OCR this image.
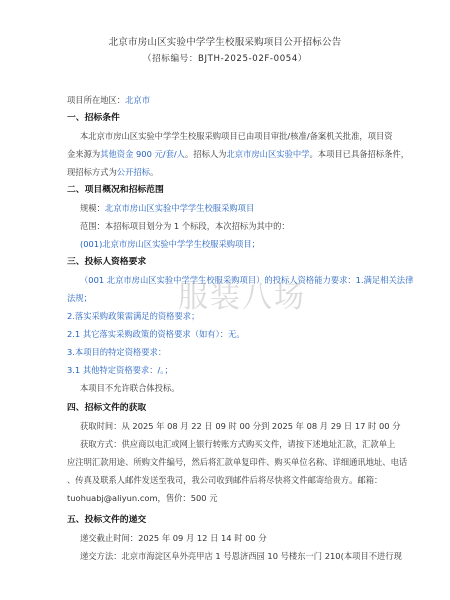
北京市房山区实验中学学生校服采购项目公开招标公告
（招标编号：BJTH-2025-02F-0054）
项目所在地区：北京市
一、招标条件
本北京市房山区实验中学学生校服采购项目已由项目审批/核准/备案机关批准，项目资
金来源为其他资金 900 元/套/人。招标人为北京市房山区实验中学。本项目已具备招标条件，
现招标方式为公开招标。
二、项目概况和招标范围
规模：北京市房山区实验中学学生校服采购项目
范围：本招标项目划分为 1 个标段，本次招标为其中的：
(001)北京市房山区实验中学学生校服采购项目；
三、投标人资格要求
（001 北京市房山区实验中学学生校服采购项目）的投标人资格能力要求：1.满足相关法律
法规；
2.落实采购政策需满足的资格要求；
2.1 其它落实采购政策的资格要求（如有）：无。
3.本项目的特定资格要求：
3.1 其他特定资格要求：/。；
本项目不允许联合体投标。
四、招标文件的获取
获取时间：从 2025 年 08 月 22 日 09 时 00 分到 2025 年 08 月 29 日 17 时 00 分
获取方式：供应商以电汇或网上银行转账方式购买文件，请按下述地址汇款，汇款单上
应注明汇款用途、所购文件编号，然后将汇款单复印件、购买单位名称、详细通讯地址、电话
、传真及联系人邮件发送至我司，我公司收到邮件后将尽快将文件邮寄给贵方。邮箱：
tuohuabj@aliyun.com，售价：500 元
五、投标文件的递交
递交截止时间：2025 年 09 月 12 日 14 时 00 分
递交方法：北京市海淀区阜外亮甲店 1 号恩济西园 10 号楼东一门 210(本项目不进行现
服装八场
